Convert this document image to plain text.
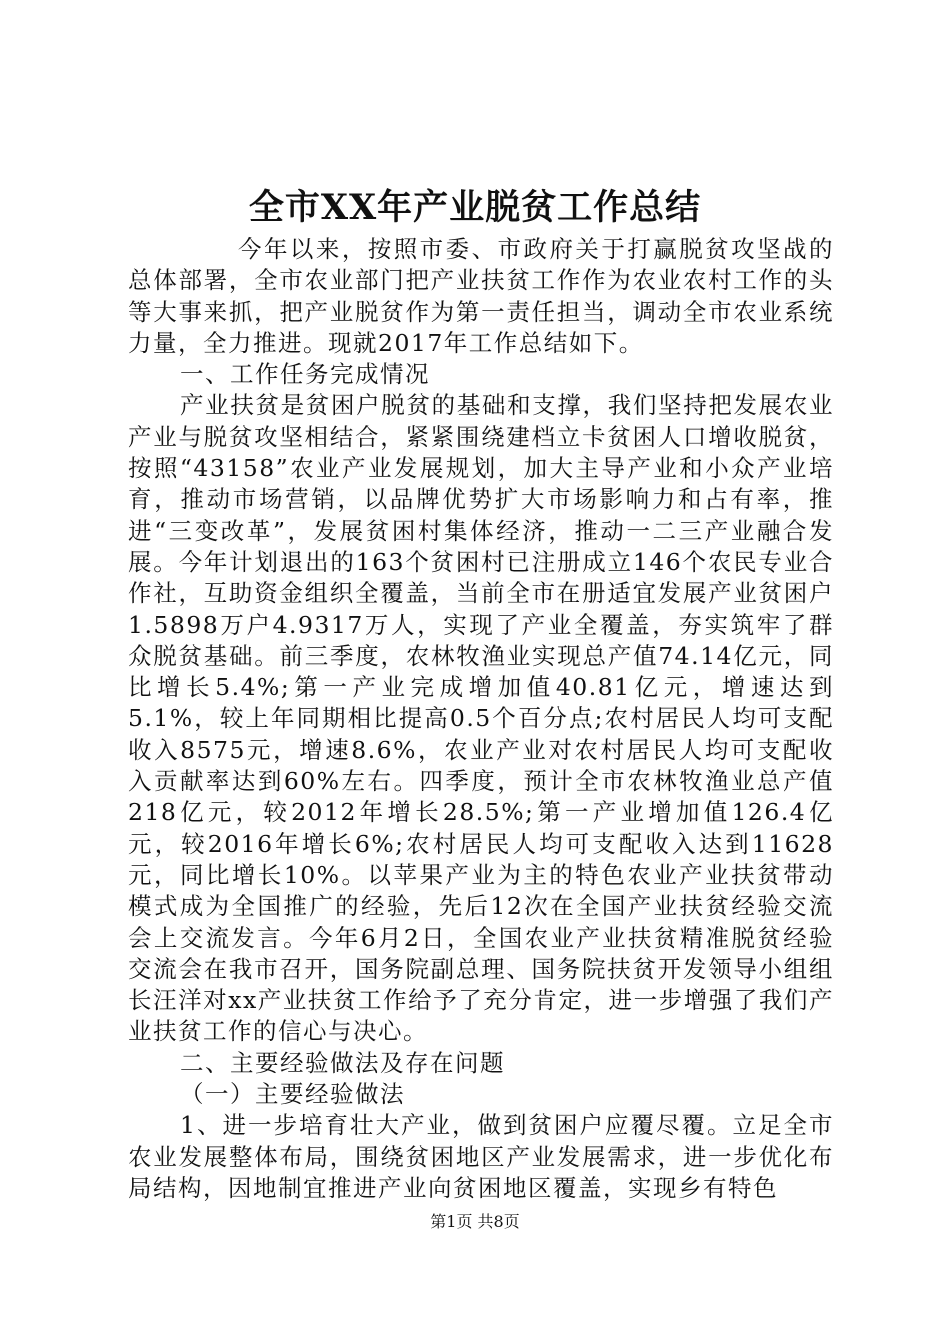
全市XX年产业脱贫工作总结

今年以来，按照市委、市政府关于打赢脱贫攻坚战的总体部署，全市农业部门把产业扶贫工作作为农业农村工作的头等大事来抓，把产业脱贫作为第一责任担当，调动全市农业系统力量，全力推进。现就2017年工作总结如下。

一、工作任务完成情况

产业扶贫是贫困户脱贫的基础和支撑，我们坚持把发展农业产业与脱贫攻坚相结合，紧紧围绕建档立卡贫困人口增收脱贫，按照“43158”农业产业发展规划，加大主导产业和小众产业培育，推动市场营销，以品牌优势扩大市场影响力和占有率，推进“三变改革”，发展贫困村集体经济，推动一二三产业融合发展。今年计划退出的163个贫困村已注册成立146个农民专业合作社，互助资金组织全覆盖，当前全市在册适宜发展产业贫困户1.5898万户4.9317万人，实现了产业全覆盖，夯实筑牢了群众脱贫基础。前三季度，农林牧渔业实现总产值74.14亿元，同比增长5.4%;第一产业完成增加值40.81亿元，增速达到5.1%，较上年同期相比提高0.5个百分点;农村居民人均可支配收入8575元，增速8.6%，农业产业对农村居民人均可支配收入贡献率达到60%左右。四季度，预计全市农林牧渔业总产值218亿元，较2012年增长28.5%;第一产业增加值126.4亿元，较2016年增长6%;农村居民人均可支配收入达到11628元，同比增长10%。以苹果产业为主的特色农业产业扶贫带动模式成为全国推广的经验，先后12次在全国产业扶贫经验交流会上交流发言。今年6月2日，全国农业产业扶贫精准脱贫经验交流会在我市召开，国务院副总理、国务院扶贫开发领导小组组长汪洋对xx产业扶贫工作给予了充分肯定，进一步增强了我们产业扶贫工作的信心与决心。

二、主要经验做法及存在问题

（一）主要经验做法

1、进一步培育壮大产业，做到贫困户应覆尽覆。立足全市农业发展整体布局，围绕贫困地区产业发展需求，进一步优化布局结构，因地制宜推进产业向贫困地区覆盖，实现乡有特色

第1页 共8页
